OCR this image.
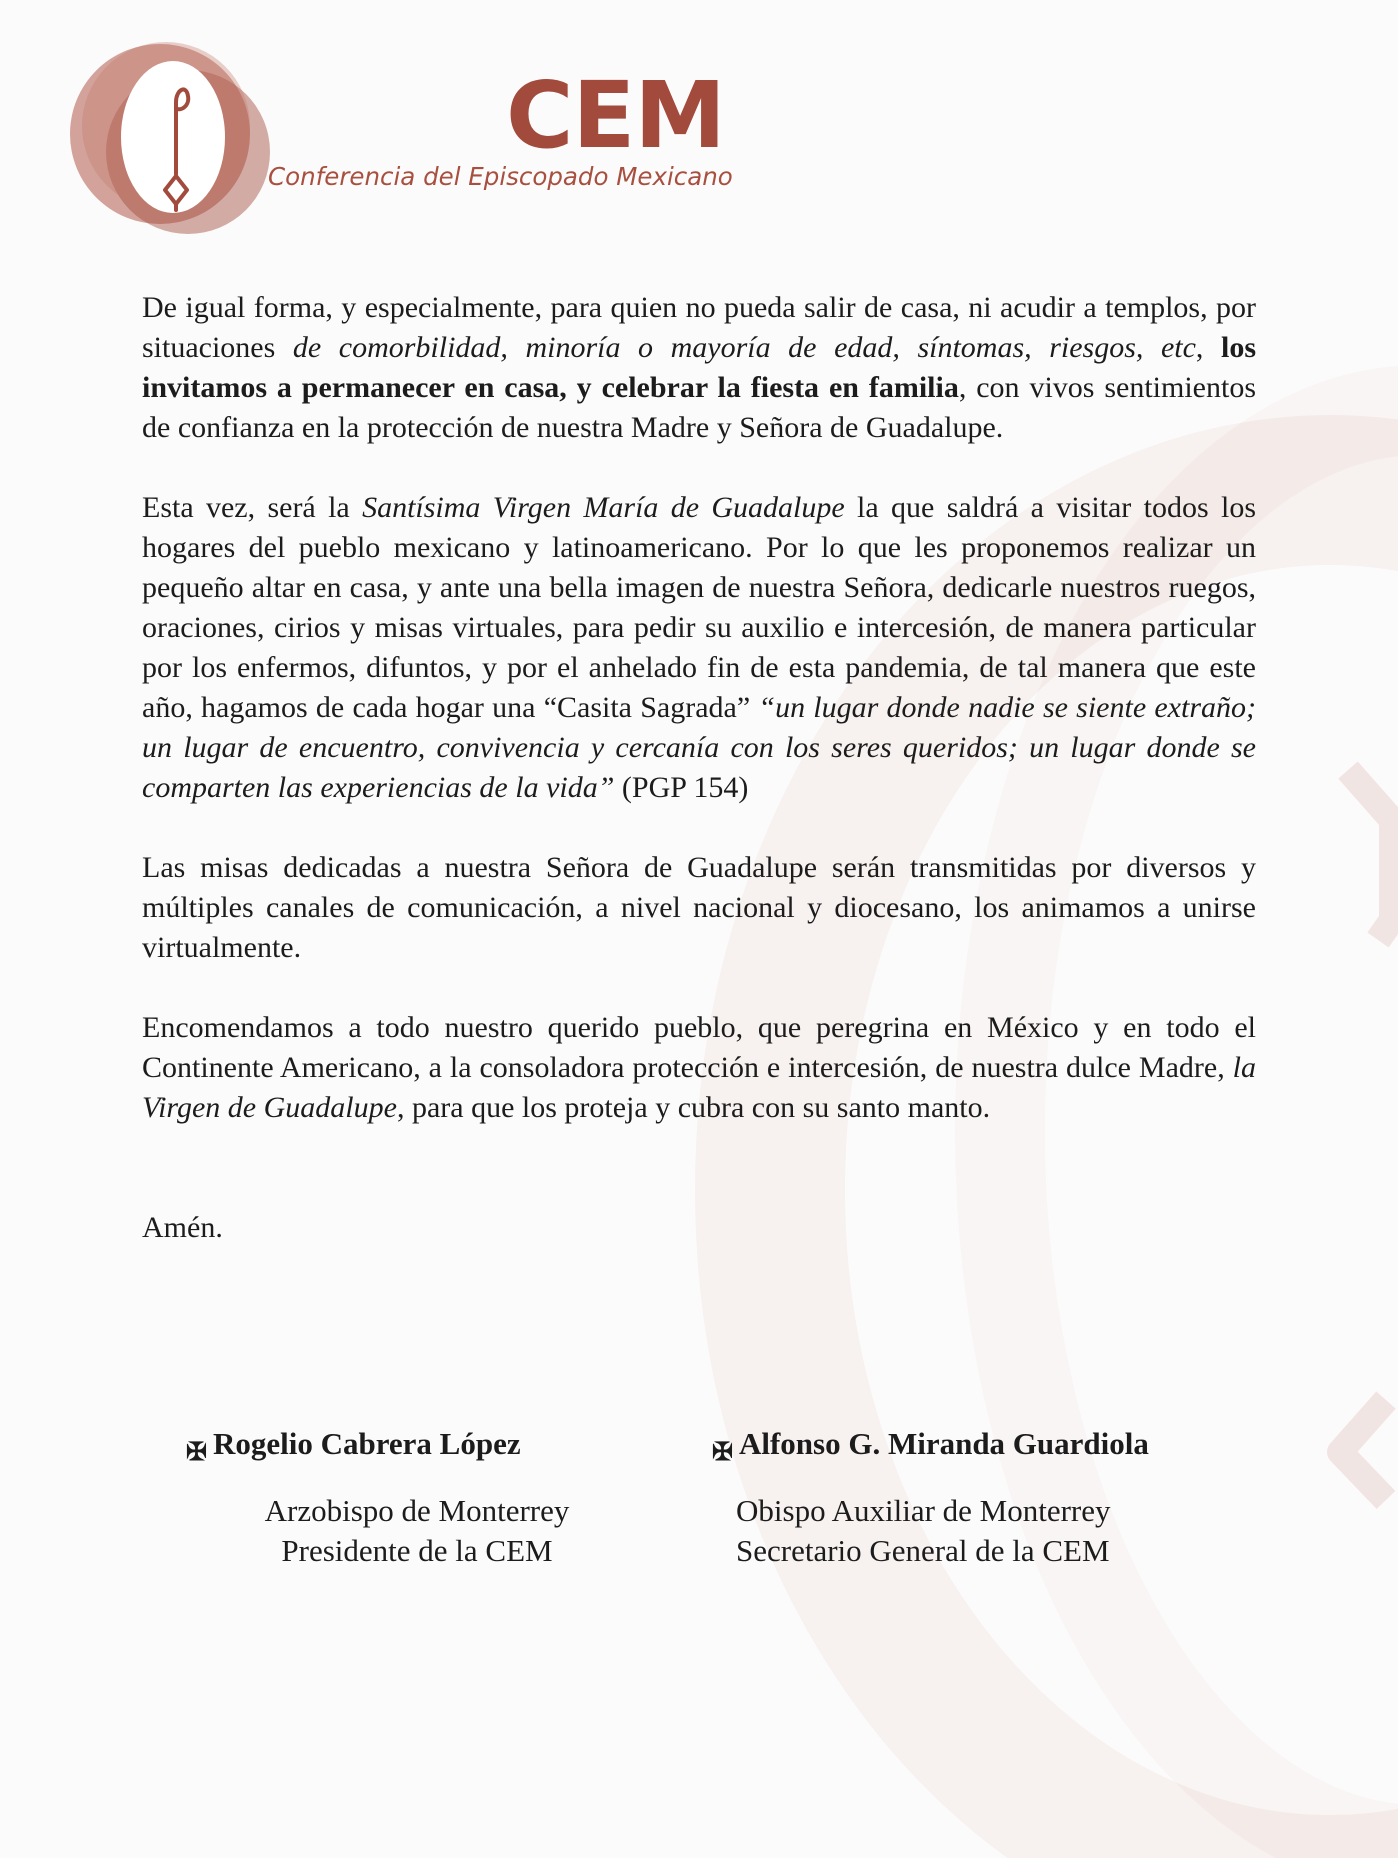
CEM
Conferencia del Episcopado Mexicano

De igual forma, y especialmente, para quien no pueda salir de casa, ni acudir a templos, por situaciones de comorbilidad, minoría o mayoría de edad, síntomas, riesgos, etc, los invitamos a permanecer en casa, y celebrar la fiesta en familia, con vivos sentimientos de confianza en la protección de nuestra Madre y Señora de Guadalupe.

Esta vez, será la Santísima Virgen María de Guadalupe la que saldrá a visitar todos los hogares del pueblo mexicano y latinoamericano. Por lo que les proponemos realizar un pequeño altar en casa, y ante una bella imagen de nuestra Señora, dedicarle nuestros ruegos, oraciones, cirios y misas virtuales, para pedir su auxilio e intercesión, de manera particular por los enfermos, difuntos, y por el anhelado fin de esta pandemia, de tal manera que este año, hagamos de cada hogar una “Casita Sagrada” “un lugar donde nadie se siente extraño; un lugar de encuentro, convivencia y cercanía con los seres queridos; un lugar donde se comparten las experiencias de la vida” (PGP 154)

Las misas dedicadas a nuestra Señora de Guadalupe serán transmitidas por diversos y múltiples canales de comunicación, a nivel nacional y diocesano, los animamos a unirse virtualmente.

Encomendamos a todo nuestro querido pueblo, que peregrina en México y en todo el Continente Americano, a la consoladora protección e intercesión, de nuestra dulce Madre, la Virgen de Guadalupe, para que los proteja y cubra con su santo manto.

Amén.

✠ Rogelio Cabrera López
Arzobispo de Monterrey
Presidente de la CEM
✠ Alfonso G. Miranda Guardiola
Obispo Auxiliar de Monterrey
Secretario General de la CEM
